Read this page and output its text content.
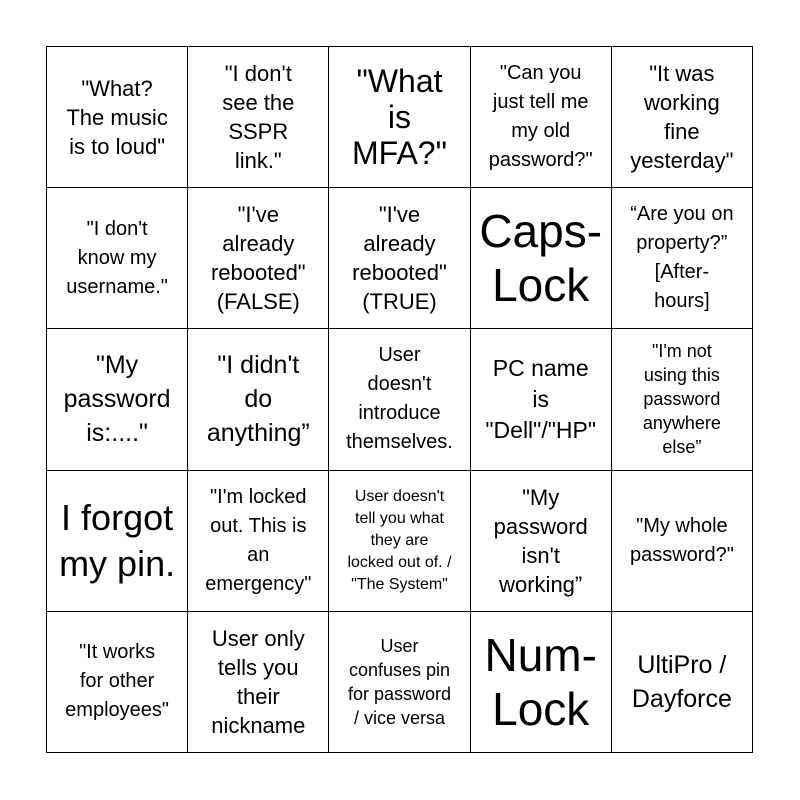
"What?
The music
is to loud"
"I don't
see the
SSPR
link."
"What
is
MFA?"
"Can you
just tell me
my old
password?"
"It was
working
fine
yesterday"
"I don't
know my
username."
"I've
already
rebooted"
(FALSE)
"I've
already
rebooted"
(TRUE)
Caps-
Lock
“Are you on
property?”
[After-
hours]
"My
password
is:...."
"I didn't
do
anything”
User
doesn't
introduce
themselves.
PC name
is
"Dell"/"HP"
"I'm not
using this
password
anywhere
else”
I forgot
my pin.
"I'm locked
out. This is
an
emergency"
User doesn't
tell you what
they are
locked out of. /
"The System"
"My
password
isn't
working”
"My whole
password?"
"It works
for other
employees"
User only
tells you
their
nickname
User
confuses pin
for password
/ vice versa
Num-
Lock
UltiPro /
Dayforce
